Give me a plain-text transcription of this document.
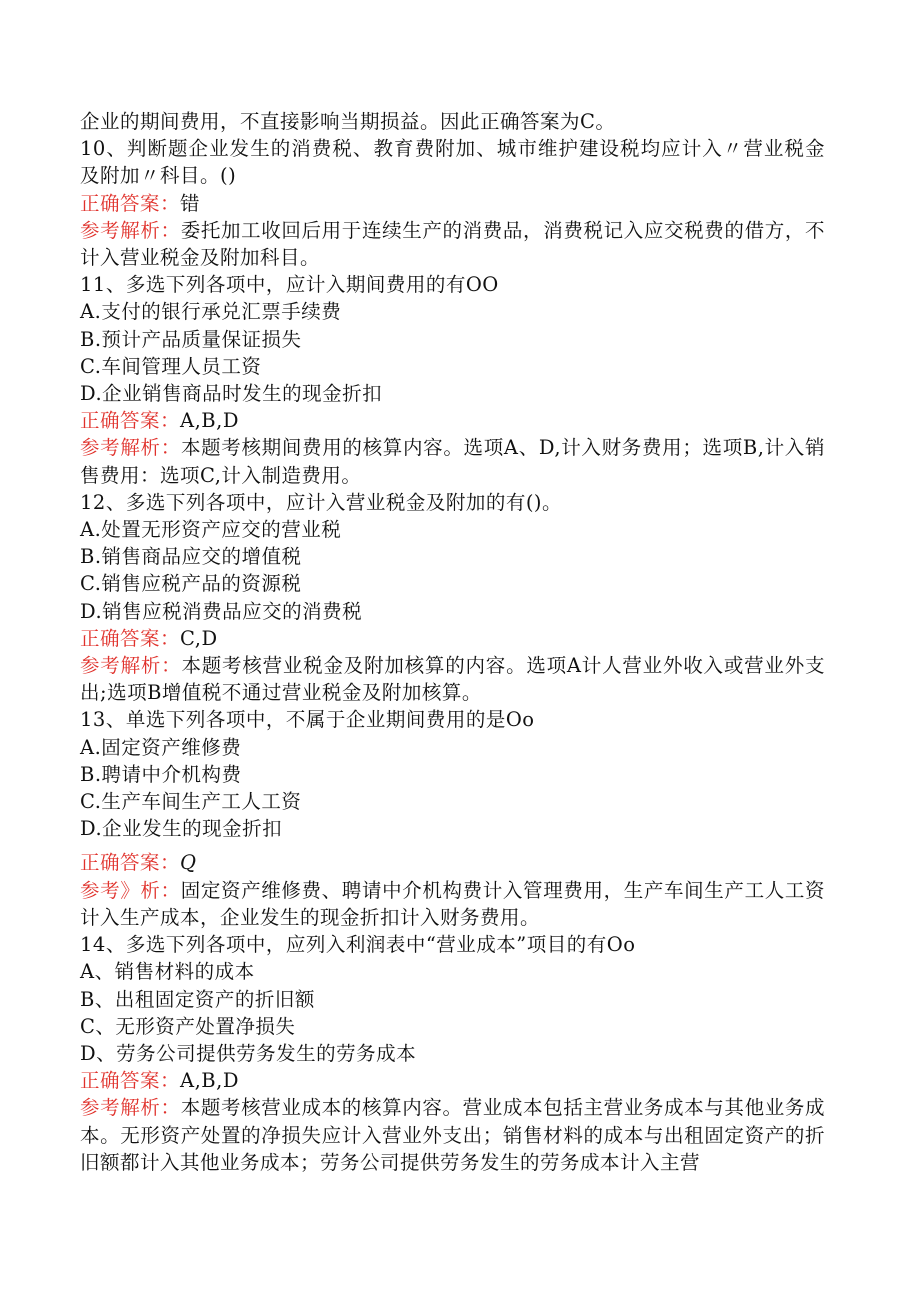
企业的期间费用，不直接影响当期损益。因此正确答案为C。
10、判断题企业发生的消费税、教育费附加、城市维护建设税均应计入〃营业税金及附加〃科目。()
正确答案：错
参考解析：委托加工收回后用于连续生产的消费品，消费税记入应交税费的借方，不计入营业税金及附加科目。
11、多选下列各项中，应计入期间费用的有OO
A.支付的银行承兑汇票手续费
B.预计产品质量保证损失
C.车间管理人员工资
D.企业销售商品时发生的现金折扣
正确答案：A,B,D
参考解析：本题考核期间费用的核算内容。选项A、D,计入财务费用；选项B,计入销售费用：选项C,计入制造费用。
12、多选下列各项中，应计入营业税金及附加的有()。
A.处置无形资产应交的营业税
B.销售商品应交的增值税
C.销售应税产品的资源税
D.销售应税消费品应交的消费税
正确答案：C,D
参考解析：本题考核营业税金及附加核算的内容。选项A计人营业外收入或营业外支出;选项B增值税不通过营业税金及附加核算。
13、单选下列各项中，不属于企业期间费用的是Oo
A.固定资产维修费
B.聘请中介机构费
C.生产车间生产工人工资
D.企业发生的现金折扣
正确答案：Q
参考》析：固定资产维修费、聘请中介机构费计入管理费用，生产车间生产工人工资计入生产成本，企业发生的现金折扣计入财务费用。
14、多选下列各项中，应列入利润表中“营业成本”项目的有Oo
A、销售材料的成本
B、出租固定资产的折旧额
C、无形资产处置净损失
D、劳务公司提供劳务发生的劳务成本
正确答案：A,B,D
参考解析：本题考核营业成本的核算内容。营业成本包括主营业务成本与其他业务成本。无形资产处置的净损失应计入营业外支出；销售材料的成本与出租固定资产的折旧额都计入其他业务成本；劳务公司提供劳务发生的劳务成本计入主营
